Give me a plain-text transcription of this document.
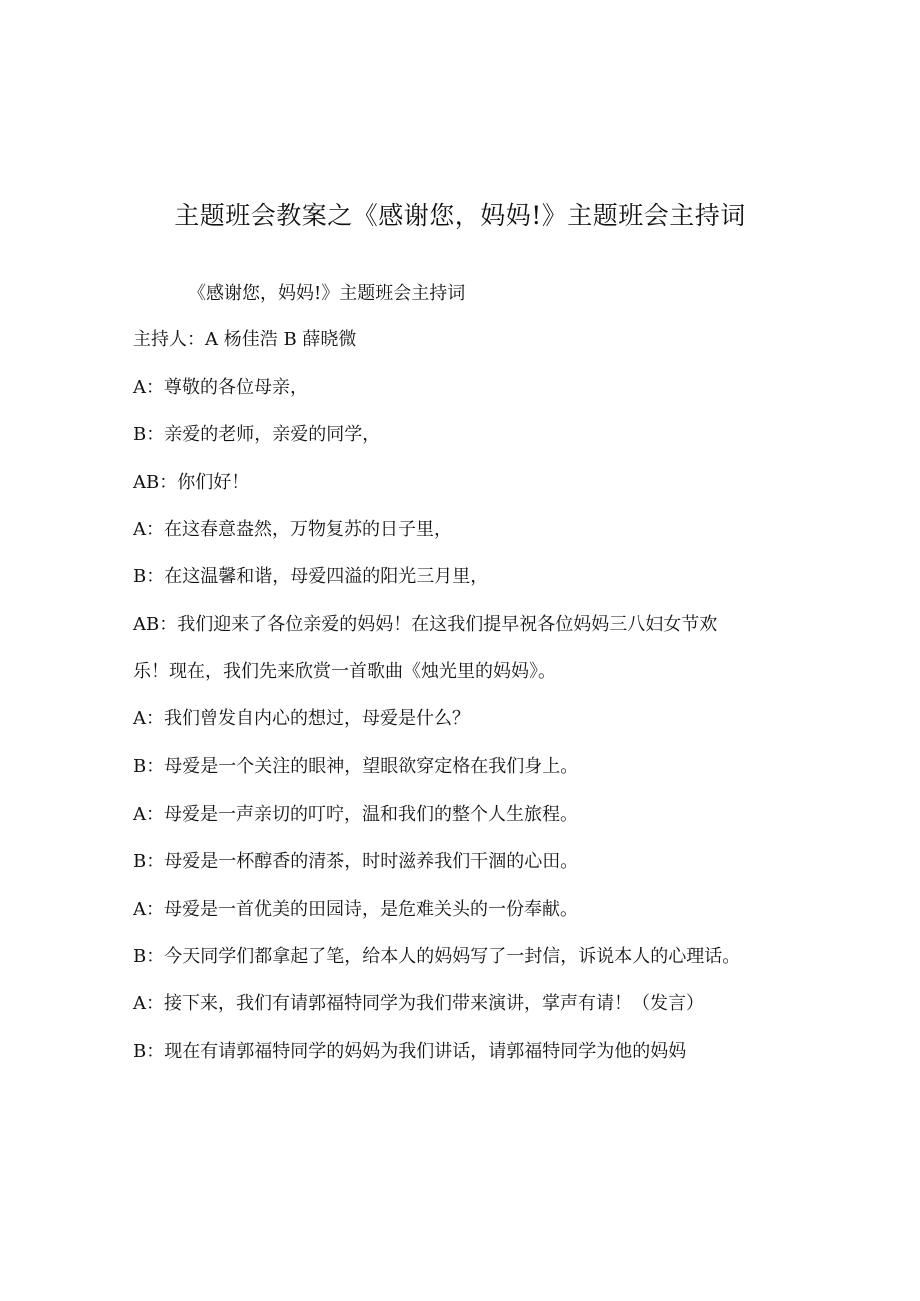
主题班会教案之《感谢您，妈妈!》主题班会主持词
《感谢您，妈妈!》主题班会主持词
主持人：A 杨佳浩 B 薛晓微
A：尊敬的各位母亲，
B：亲爱的老师，亲爱的同学，
AB：你们好！
A：在这春意盎然，万物复苏的日子里，
B：在这温馨和谐，母爱四溢的阳光三月里，
AB：我们迎来了各位亲爱的妈妈！在这我们提早祝各位妈妈三八妇女节欢
乐！现在，我们先来欣赏一首歌曲《烛光里的妈妈》。
A：我们曾发自内心的想过，母爱是什么？
B：母爱是一个关注的眼神，望眼欲穿定格在我们身上。
A：母爱是一声亲切的叮咛，温和我们的整个人生旅程。
B：母爱是一杯醇香的清茶，时时滋养我们干涸的心田。
A：母爱是一首优美的田园诗，是危难关头的一份奉献。
B：今天同学们都拿起了笔，给本人的妈妈写了一封信，诉说本人的心理话。
A：接下来，我们有请郭福特同学为我们带来演讲，掌声有请！（发言）
B：现在有请郭福特同学的妈妈为我们讲话，请郭福特同学为他的妈妈
